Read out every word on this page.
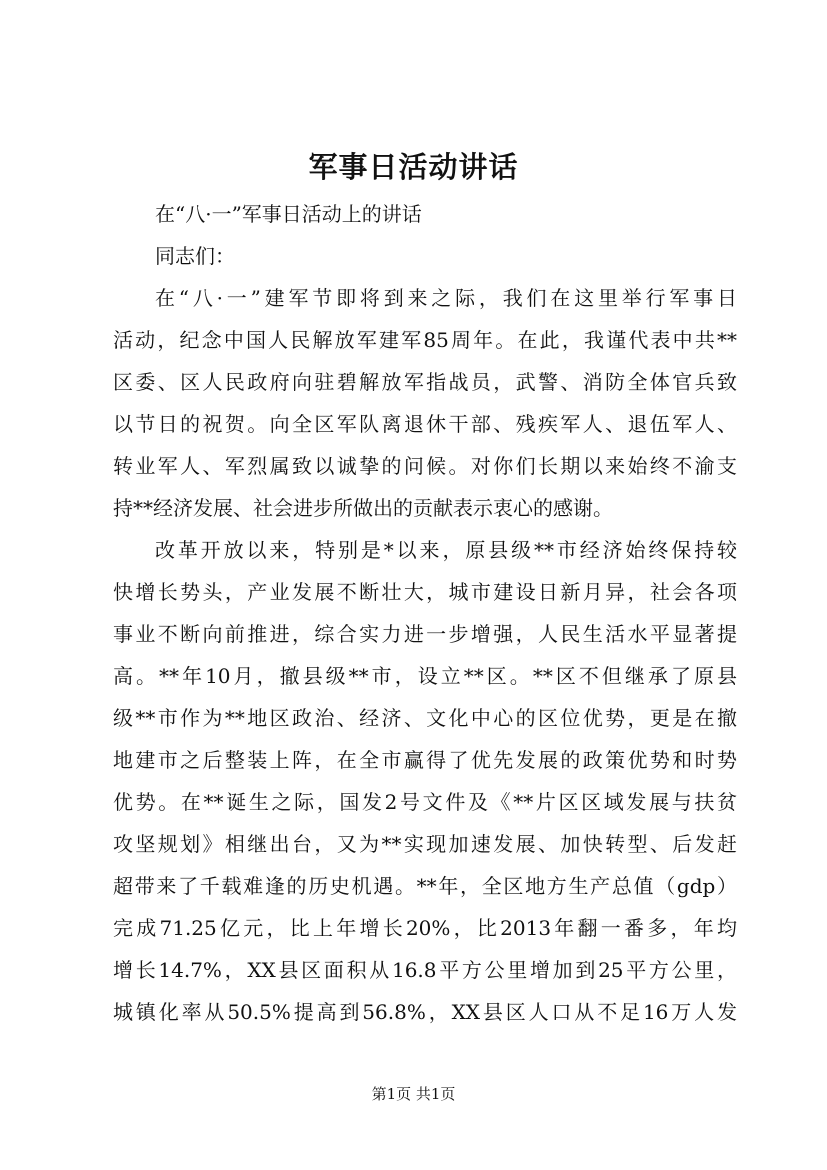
军事日活动讲话

在“八·一”军事日活动上的讲话

同志们：

在“八·一”建军节即将到来之际，我们在这里举行军事日

活动，纪念中国人民解放军建军85周年。在此，我谨代表中共**

区委、区人民政府向驻碧解放军指战员，武警、消防全体官兵致

以节日的祝贺。向全区军队离退休干部、残疾军人、退伍军人、

转业军人、军烈属致以诚挚的问候。对你们长期以来始终不渝支

持**经济发展、社会进步所做出的贡献表示衷心的感谢。

改革开放以来，特别是*以来，原县级**市经济始终保持较

快增长势头，产业发展不断壮大，城市建设日新月异，社会各项

事业不断向前推进，综合实力进一步增强，人民生活水平显著提

高。**年10月，撤县级**市，设立**区。**区不但继承了原县

级**市作为**地区政治、经济、文化中心的区位优势，更是在撤

地建市之后整装上阵，在全市赢得了优先发展的政策优势和时势

优势。在**诞生之际，国发2号文件及《**片区区域发展与扶贫

攻坚规划》相继出台，又为**实现加速发展、加快转型、后发赶

超带来了千载难逢的历史机遇。**年，全区地方生产总值（gdp）

完成71.25亿元，比上年增长20%，比2013年翻一番多，年均

增长14.7%，XX县区面积从16.8平方公里增加到25平方公里，

城镇化率从50.5%提高到56.8%，XX县区人口从不足16万人发

第1页 共1页
